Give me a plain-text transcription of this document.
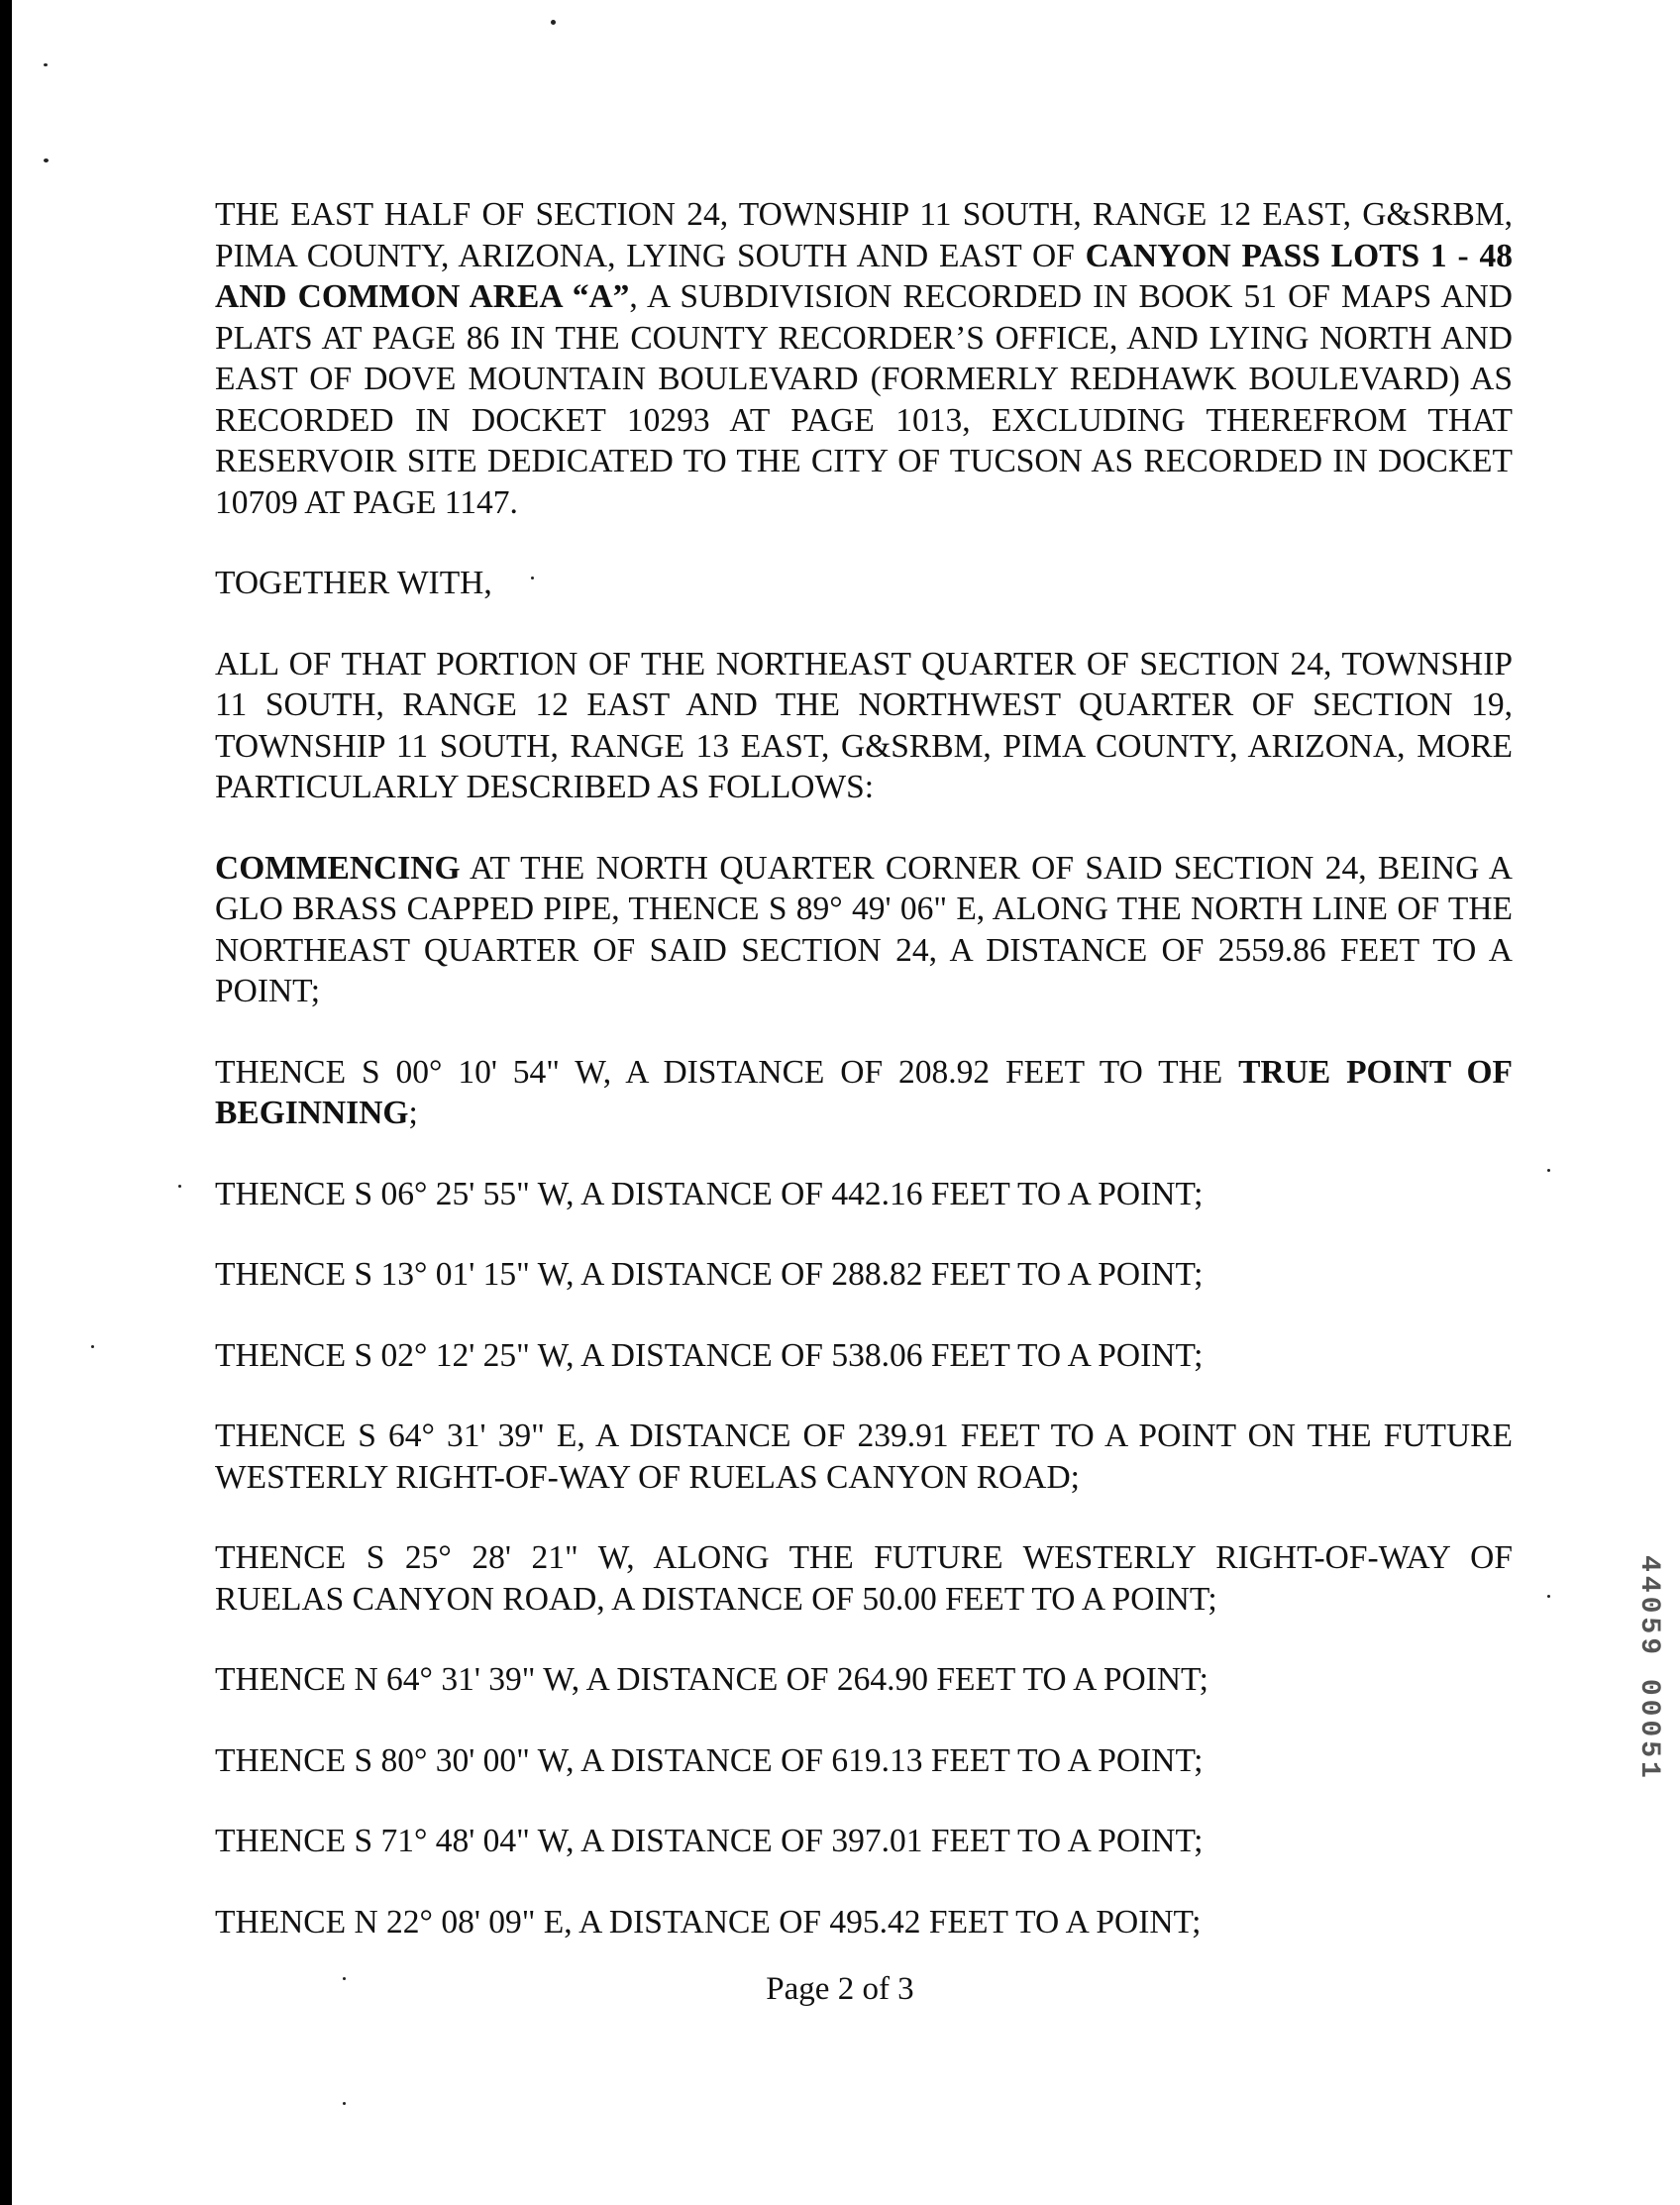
THE EAST HALF OF SECTION 24, TOWNSHIP 11 SOUTH, RANGE 12 EAST, G&SRBM, PIMA COUNTY, ARIZONA, LYING SOUTH AND EAST OF CANYON PASS LOTS 1 - 48 AND COMMON AREA “A”, A SUBDIVISION RECORDED IN BOOK 51 OF MAPS AND PLATS AT PAGE 86 IN THE COUNTY RECORDER’S OFFICE, AND LYING NORTH AND EAST OF DOVE MOUNTAIN BOULEVARD (FORMERLY REDHAWK BOULEVARD) AS RECORDED IN DOCKET 10293 AT PAGE 1013, EXCLUDING THEREFROM THAT RESERVOIR SITE DEDICATED TO THE CITY OF TUCSON AS RECORDED IN DOCKET 10709 AT PAGE 1147.

TOGETHER WITH,

ALL OF THAT PORTION OF THE NORTHEAST QUARTER OF SECTION 24, TOWNSHIP 11 SOUTH, RANGE 12 EAST AND THE NORTHWEST QUARTER OF SECTION 19, TOWNSHIP 11 SOUTH, RANGE 13 EAST, G&SRBM, PIMA COUNTY, ARIZONA, MORE PARTICULARLY DESCRIBED AS FOLLOWS:

COMMENCING AT THE NORTH QUARTER CORNER OF SAID SECTION 24, BEING A GLO BRASS CAPPED PIPE, THENCE S 89° 49' 06" E, ALONG THE NORTH LINE OF THE NORTHEAST QUARTER OF SAID SECTION 24, A DISTANCE OF 2559.86 FEET TO A POINT;

THENCE S 00° 10' 54" W, A DISTANCE OF 208.92 FEET TO THE TRUE POINT OF BEGINNING;

THENCE S 06° 25' 55" W, A DISTANCE OF 442.16 FEET TO A POINT;

THENCE S 13° 01' 15" W, A DISTANCE OF 288.82 FEET TO A POINT;

THENCE S 02° 12' 25" W, A DISTANCE OF 538.06 FEET TO A POINT;

THENCE S 64° 31' 39" E, A DISTANCE OF 239.91 FEET TO A POINT ON THE FUTURE WESTERLY RIGHT-OF-WAY OF RUELAS CANYON ROAD;

THENCE S 25° 28' 21" W, ALONG THE FUTURE WESTERLY RIGHT-OF-WAY OF RUELAS CANYON ROAD, A DISTANCE OF 50.00 FEET TO A POINT;

THENCE N 64° 31' 39" W, A DISTANCE OF 264.90 FEET TO A POINT;

THENCE S 80° 30' 00" W, A DISTANCE OF 619.13 FEET TO A POINT;

THENCE S 71° 48' 04" W, A DISTANCE OF 397.01 FEET TO A POINT;

THENCE N 22° 08' 09" E, A DISTANCE OF 495.42 FEET TO A POINT;

Page 2 of 3
44059 00051
